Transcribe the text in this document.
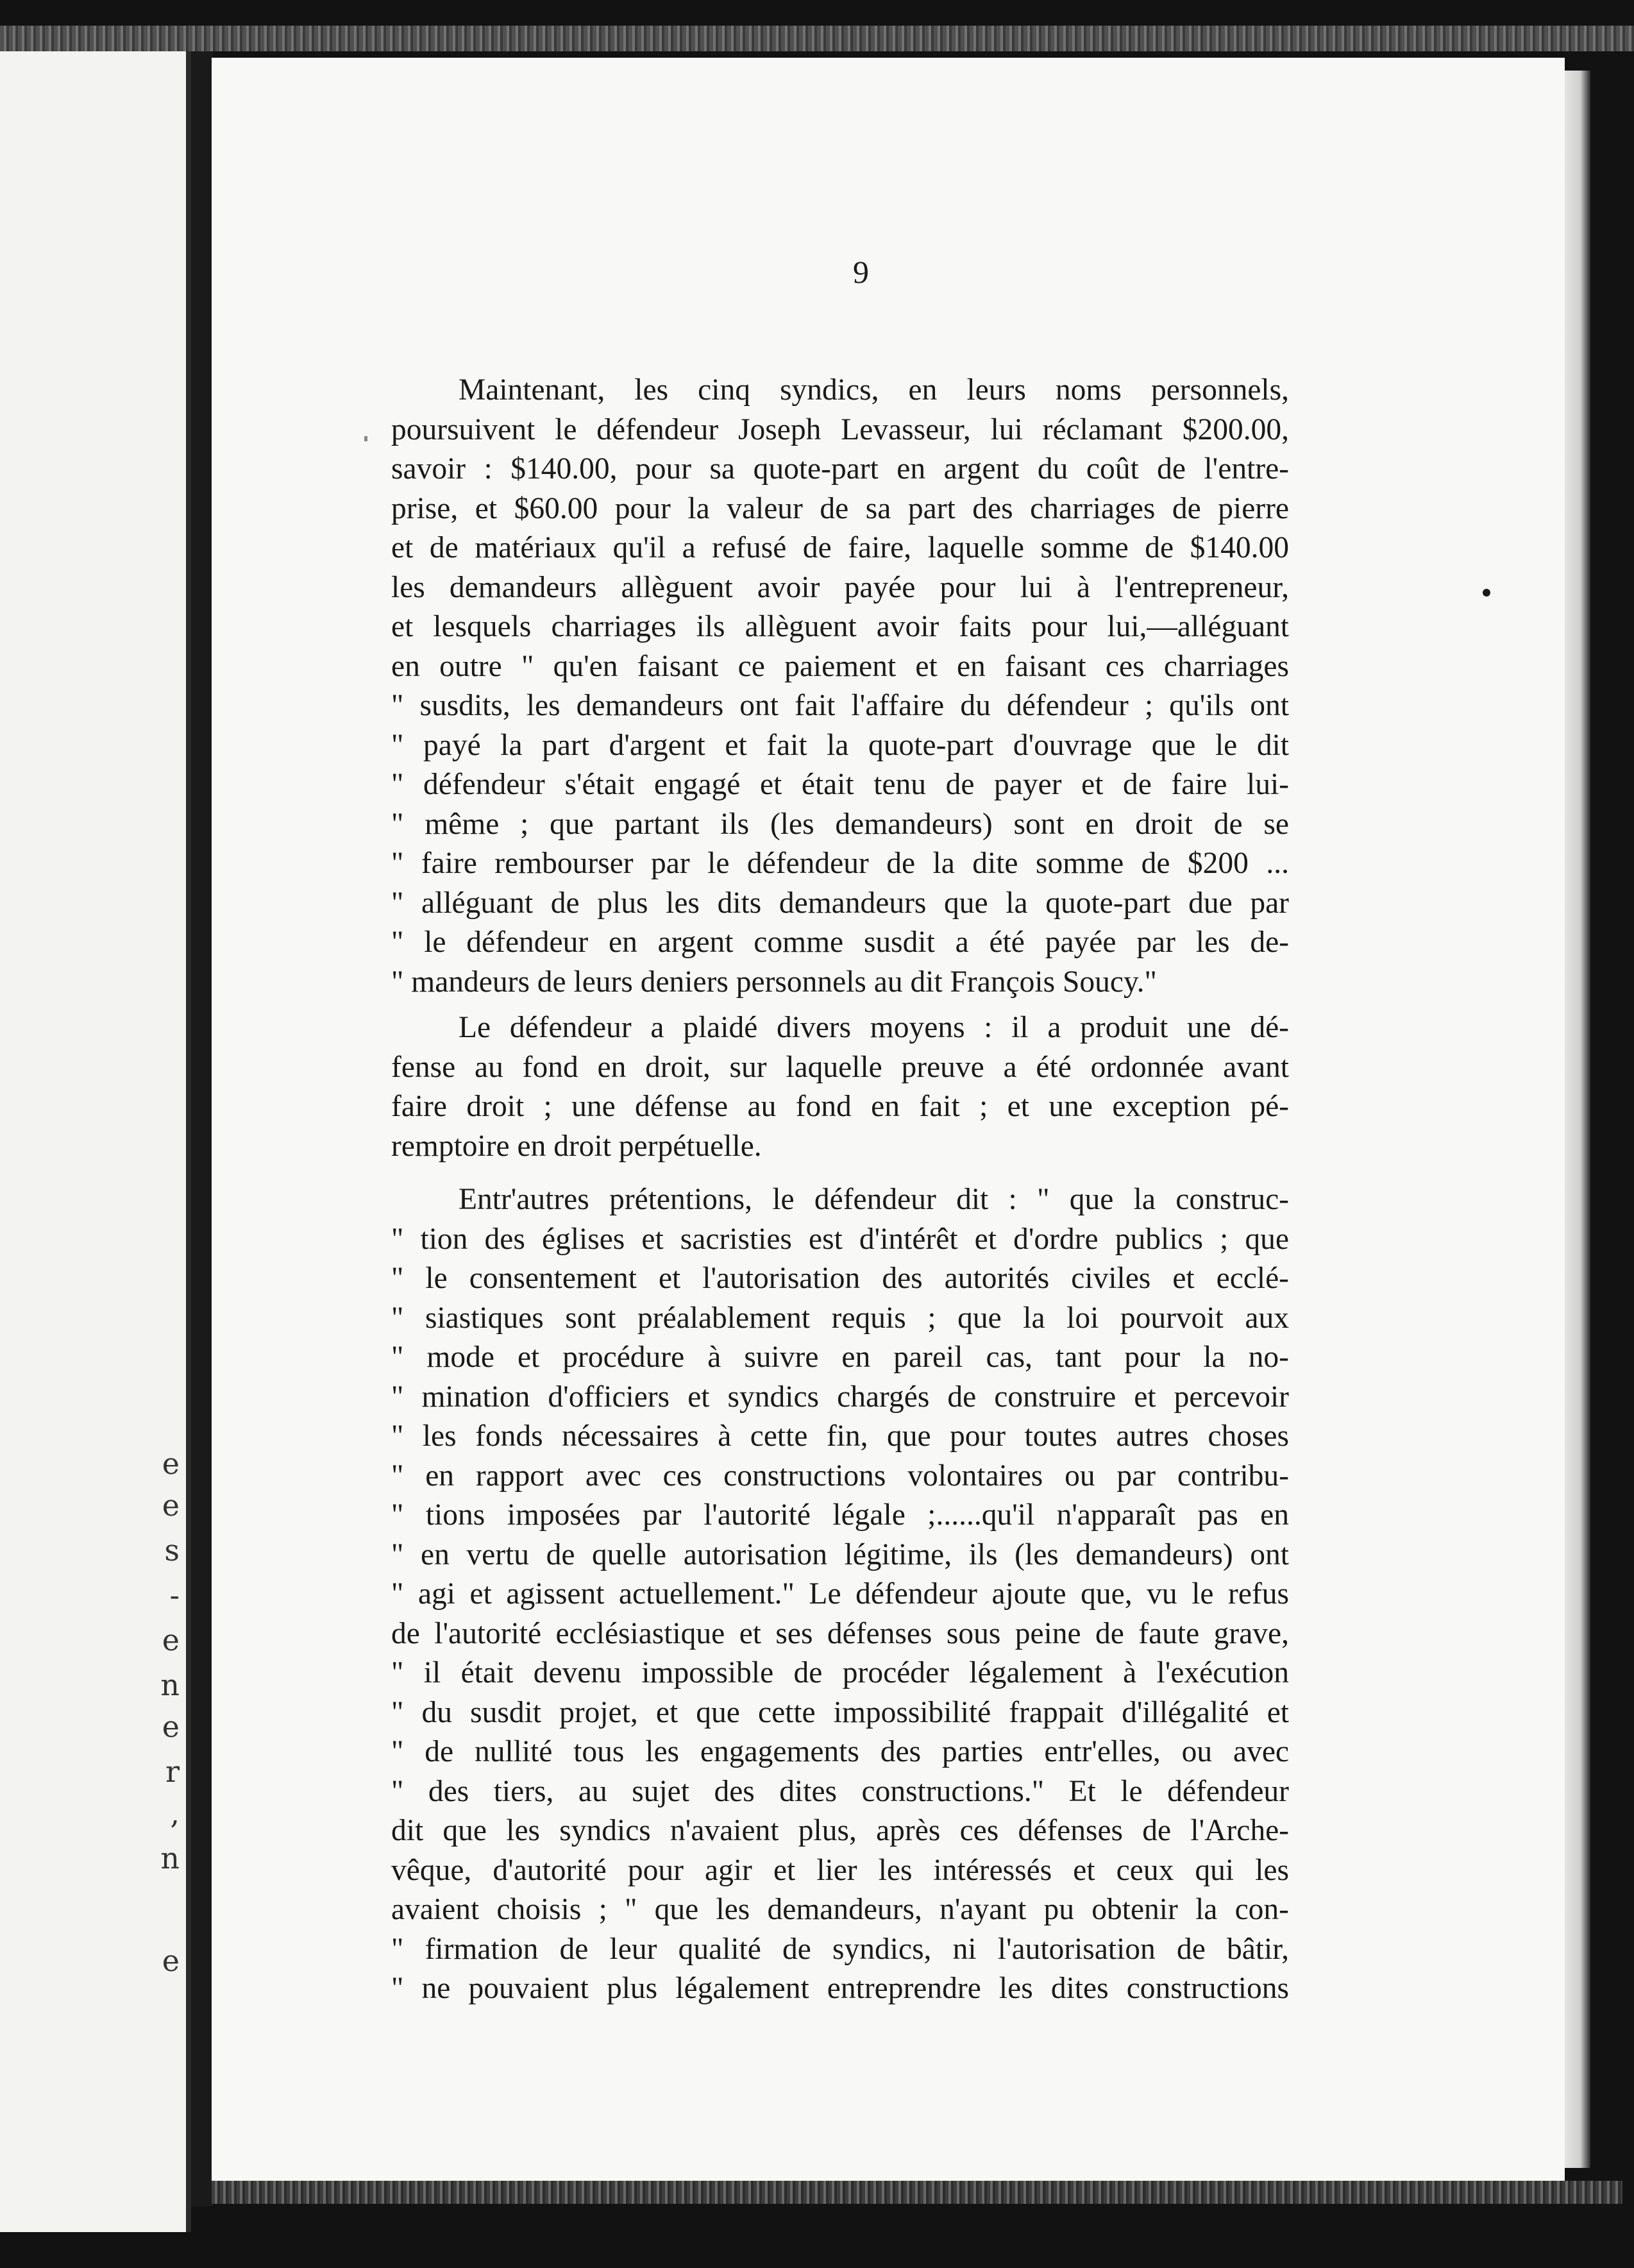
e
e
s
-
e
n
e
r
,
n
e
9
Maintenant, les cinq syndics, en leurs noms personnels,
poursuivent le défendeur Joseph Levasseur, lui réclamant $200.00,
savoir : $140.00, pour sa quote-part en argent du coût de l'entre-
prise, et $60.00 pour la valeur de sa part des charriages de pierre
et de matériaux qu'il a refusé de faire, laquelle somme de $140.00
les demandeurs allèguent avoir payée pour lui à l'entrepreneur,
et lesquels charriages ils allèguent avoir faits pour lui,—alléguant
en outre " qu'en faisant ce paiement et en faisant ces charriages
" susdits, les demandeurs ont fait l'affaire du défendeur ; qu'ils ont
" payé la part d'argent et fait la quote-part d'ouvrage que le dit
" défendeur s'était engagé et était tenu de payer et de faire lui-
" même ; que partant ils (les demandeurs) sont en droit de se
" faire rembourser par le défendeur de la dite somme de $200 ...
" alléguant de plus les dits demandeurs que la quote-part due par
" le défendeur en argent comme susdit a été payée par les de-
" mandeurs de leurs deniers personnels au dit François Soucy."
Le défendeur a plaidé divers moyens : il a produit une dé-
fense au fond en droit, sur laquelle preuve a été ordonnée avant
faire droit ; une défense au fond en fait ; et une exception pé-
remptoire en droit perpétuelle.
Entr'autres prétentions, le défendeur dit : " que la construc-
" tion des églises et sacristies est d'intérêt et d'ordre publics ; que
" le consentement et l'autorisation des autorités civiles et ecclé-
" siastiques sont préalablement requis ; que la loi pourvoit aux
" mode et procédure à suivre en pareil cas, tant pour la no-
" mination d'officiers et syndics chargés de construire et percevoir
" les fonds nécessaires à cette fin, que pour toutes autres choses
" en rapport avec ces constructions volontaires ou par contribu-
" tions imposées par l'autorité légale ;......qu'il n'apparaît pas en
" en vertu de quelle autorisation légitime, ils (les demandeurs) ont
" agi et agissent actuellement." Le défendeur ajoute que, vu le refus
de l'autorité ecclésiastique et ses défenses sous peine de faute grave,
" il était devenu impossible de procéder légalement à l'exécution
" du susdit projet, et que cette impossibilité frappait d'illégalité et
" de nullité tous les engagements des parties entr'elles, ou avec
" des tiers, au sujet des dites constructions." Et le défendeur
dit que les syndics n'avaient plus, après ces défenses de l'Arche-
vêque, d'autorité pour agir et lier les intéressés et ceux qui les
avaient choisis ; " que les demandeurs, n'ayant pu obtenir la con-
" firmation de leur qualité de syndics, ni l'autorisation de bâtir,
" ne pouvaient plus légalement entreprendre les dites constructions
